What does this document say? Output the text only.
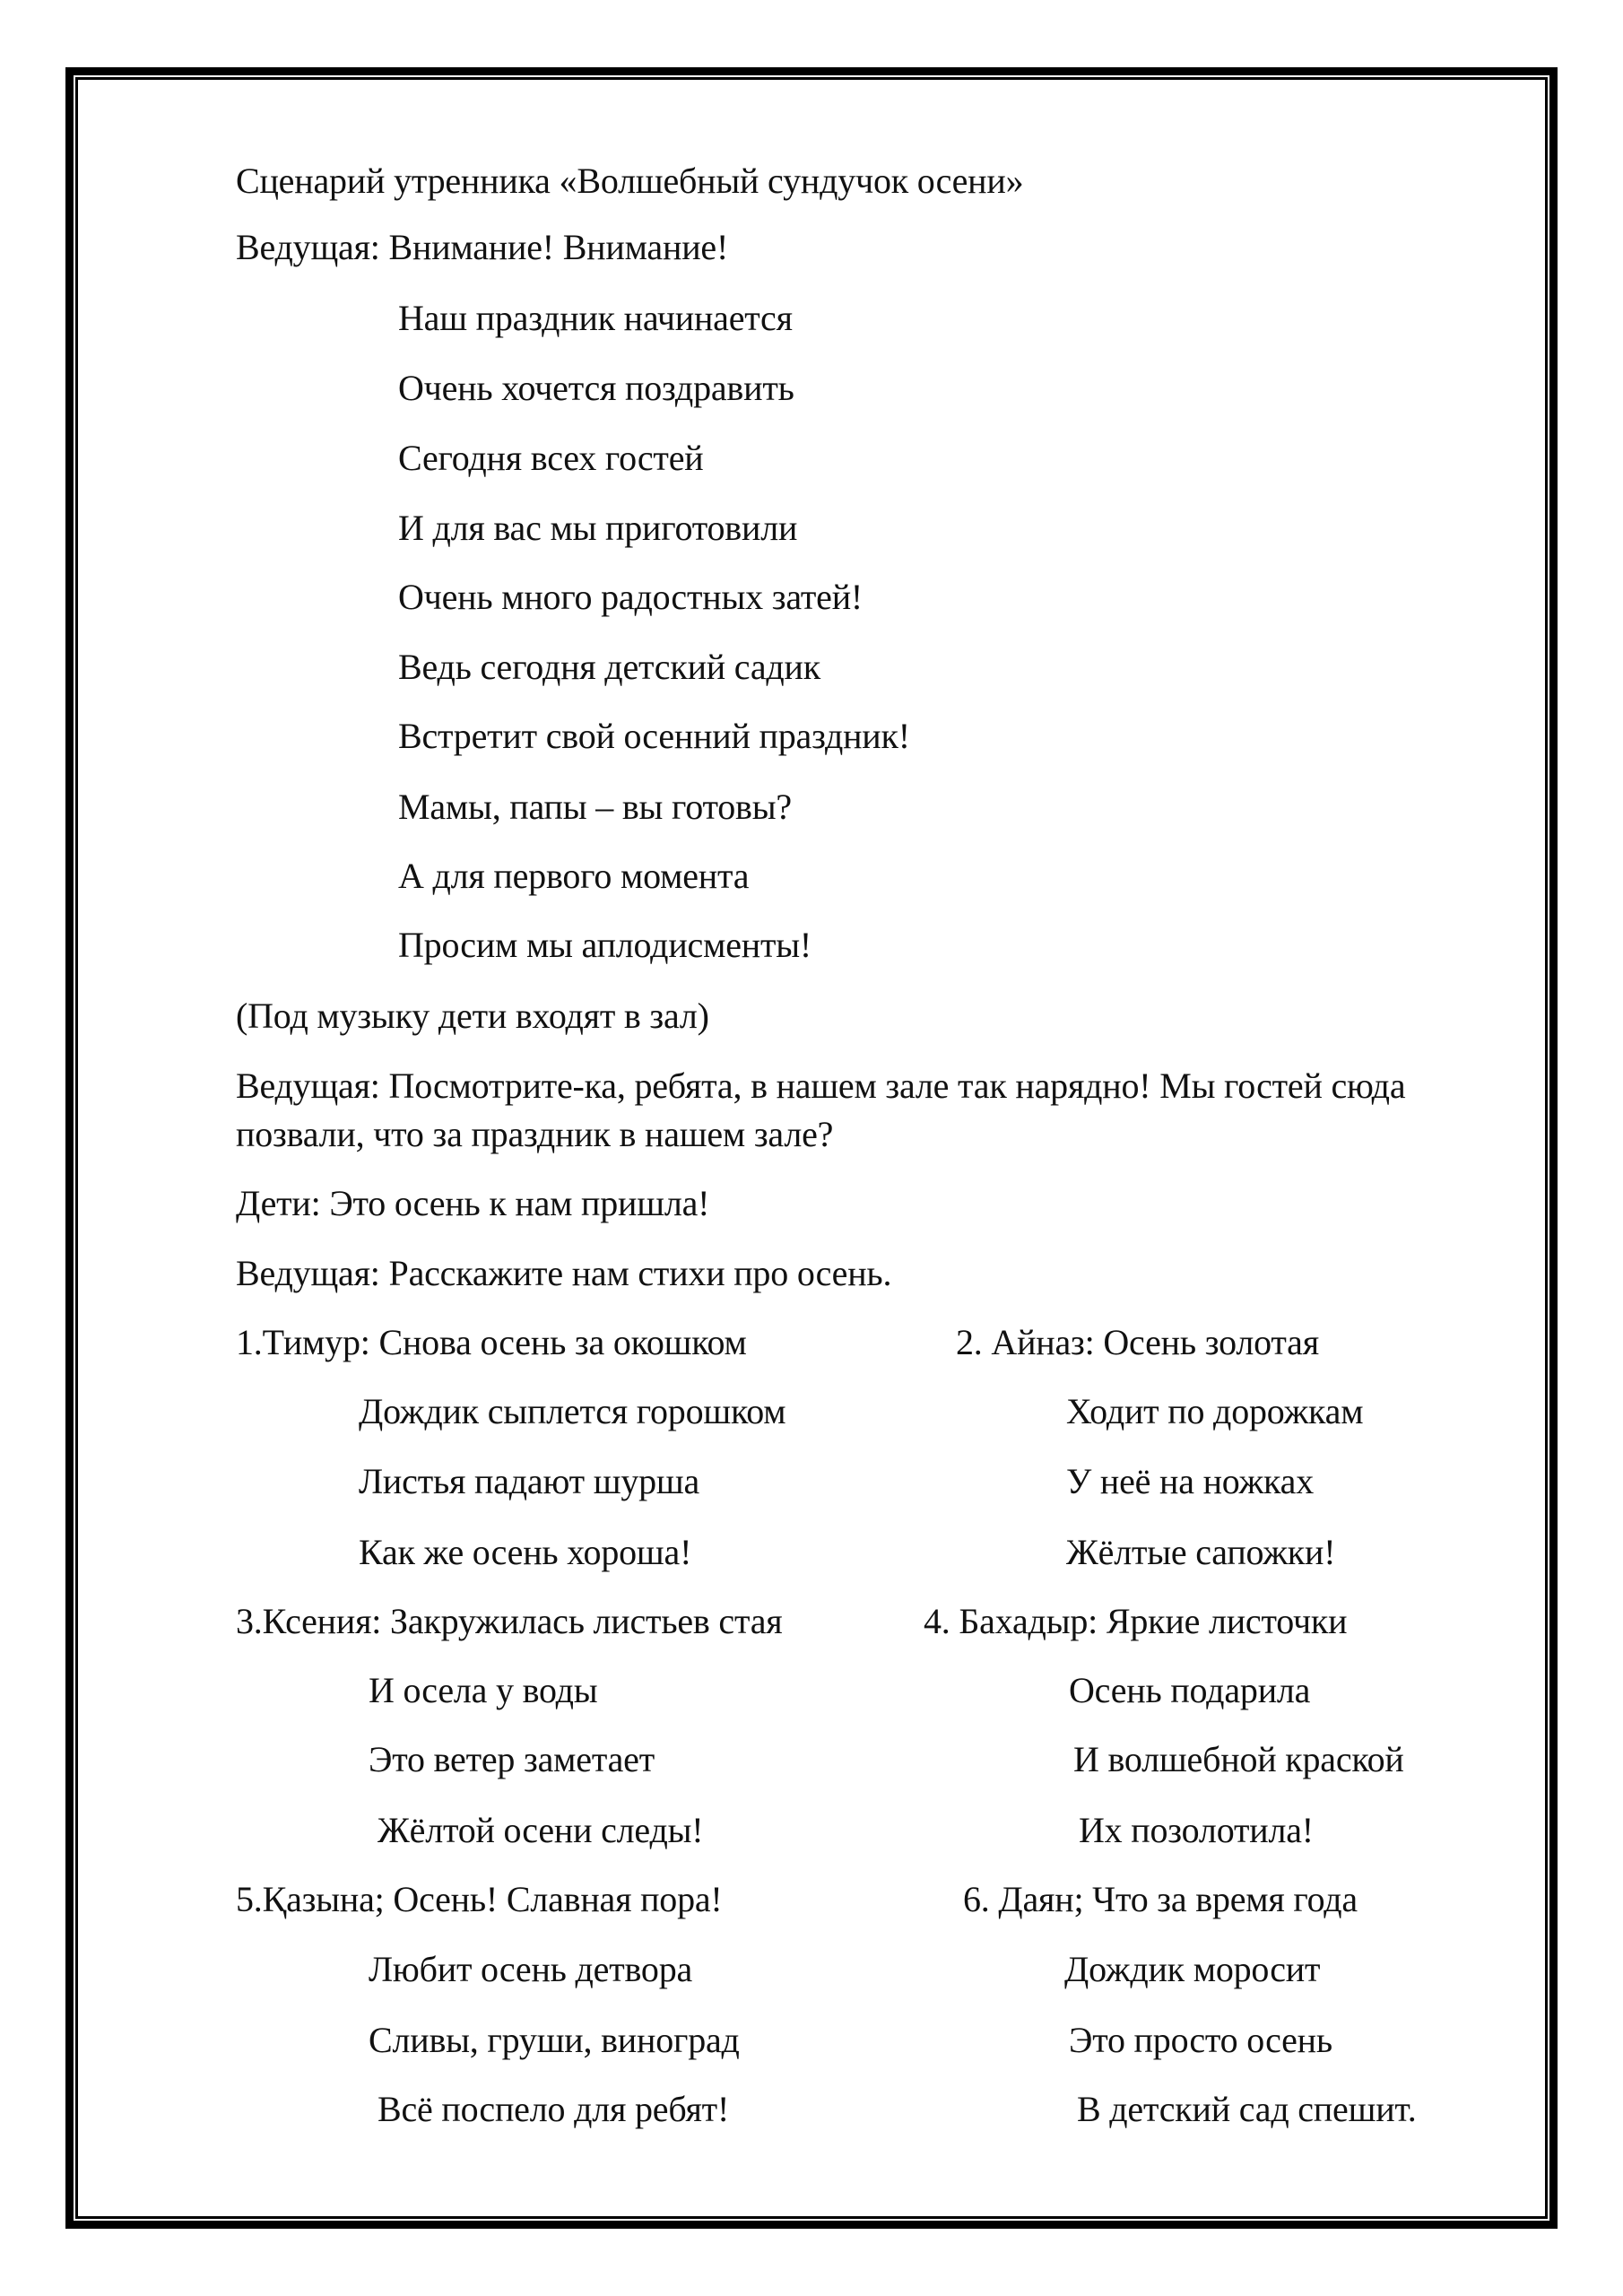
Сценарий утренника «Волшебный сундучок осени»
Ведущая: Внимание! Внимание!
Наш праздник начинается
Очень хочется поздравить
Сегодня всех гостей
И для вас мы приготовили
Очень много радостных затей!
Ведь сегодня детский садик
Встретит свой осенний праздник!
Мамы, папы – вы готовы?
А для первого момента
Просим мы аплодисменты!
(Под музыку дети входят в зал)
Ведущая: Посмотрите-ка, ребята, в нашем зале так нарядно! Мы гостей сюда
позвали, что за праздник в нашем зале?
Дети: Это осень к нам пришла!
Ведущая: Расскажите нам стихи про осень.
1.Тимур: Снова осень за окошком
Дождик сыплется горошком
Листья падают шурша
Как же осень хороша!
2. Айназ: Осень золотая
Ходит по дорожкам
У неё на ножках
Жёлтые сапожки!
3.Ксения: Закружилась листьев стая
И осела у воды
Это ветер заметает
Жёлтой осени следы!
4. Бахадыр: Яркие листочки
Осень подарила
И волшебной краской
Их позолотила!
5.Қазына; Осень! Славная пора!
Любит осень детвора
Сливы, груши, виноград
Всё поспело для ребят!
6. Даян; Что за время года
Дождик моросит
Это просто осень
В детский сад спешит.
